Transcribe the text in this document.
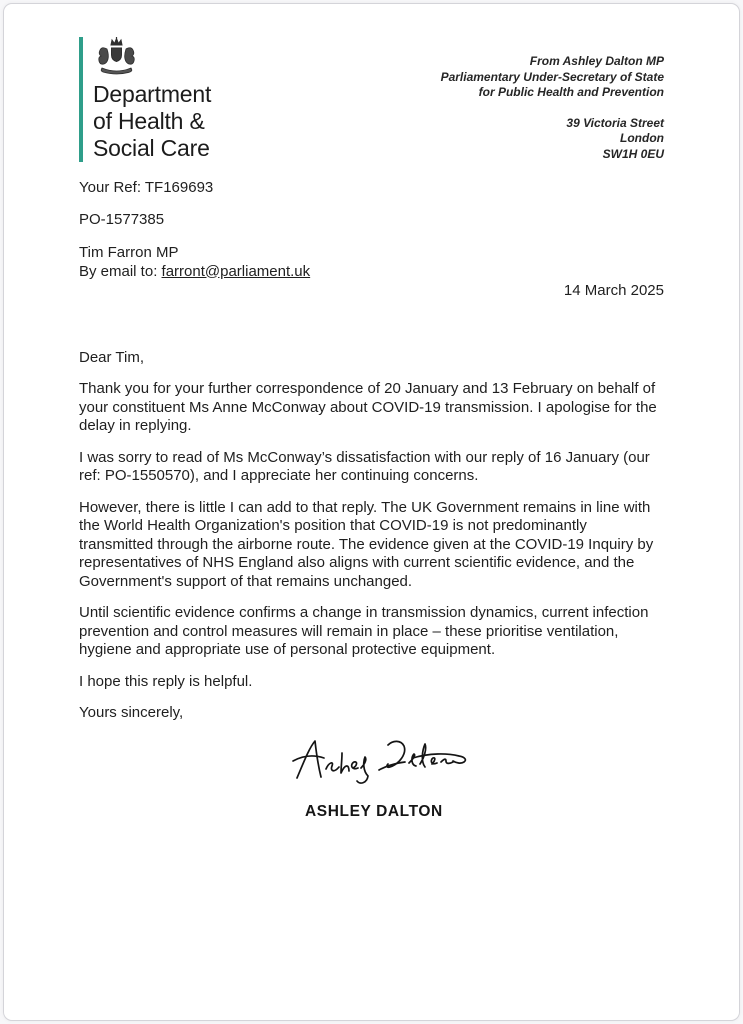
Department
of Health &
Social Care

From Ashley Dalton MP

Parliamentary Under-Secretary of State

for Public Health and Prevention

39 Victoria Street

London

SW1H 0EU

Your Ref: TF169693

PO-1577385

Tim Farron MP

By email to: farront@parliament.uk

14 March 2025

Dear Tim,

Thank you for your further correspondence of 20 January and 13 February on behalf of your constituent Ms Anne McConway about COVID-19 transmission. I apologise for the delay in replying.

I was sorry to read of Ms McConway’s dissatisfaction with our reply of 16 January (our ref: PO-1550570), and I appreciate her continuing concerns.

However, there is little I can add to that reply. The UK Government remains in line with the World Health Organization's position that COVID-19 is not predominantly transmitted through the airborne route. The evidence given at the COVID-19 Inquiry by representatives of NHS England also aligns with current scientific evidence, and the Government's support of that remains unchanged.

Until scientific evidence confirms a change in transmission dynamics, current infection prevention and control measures will remain in place – these prioritise ventilation, hygiene and appropriate use of personal protective equipment.

I hope this reply is helpful.

Yours sincerely,

ASHLEY DALTON
